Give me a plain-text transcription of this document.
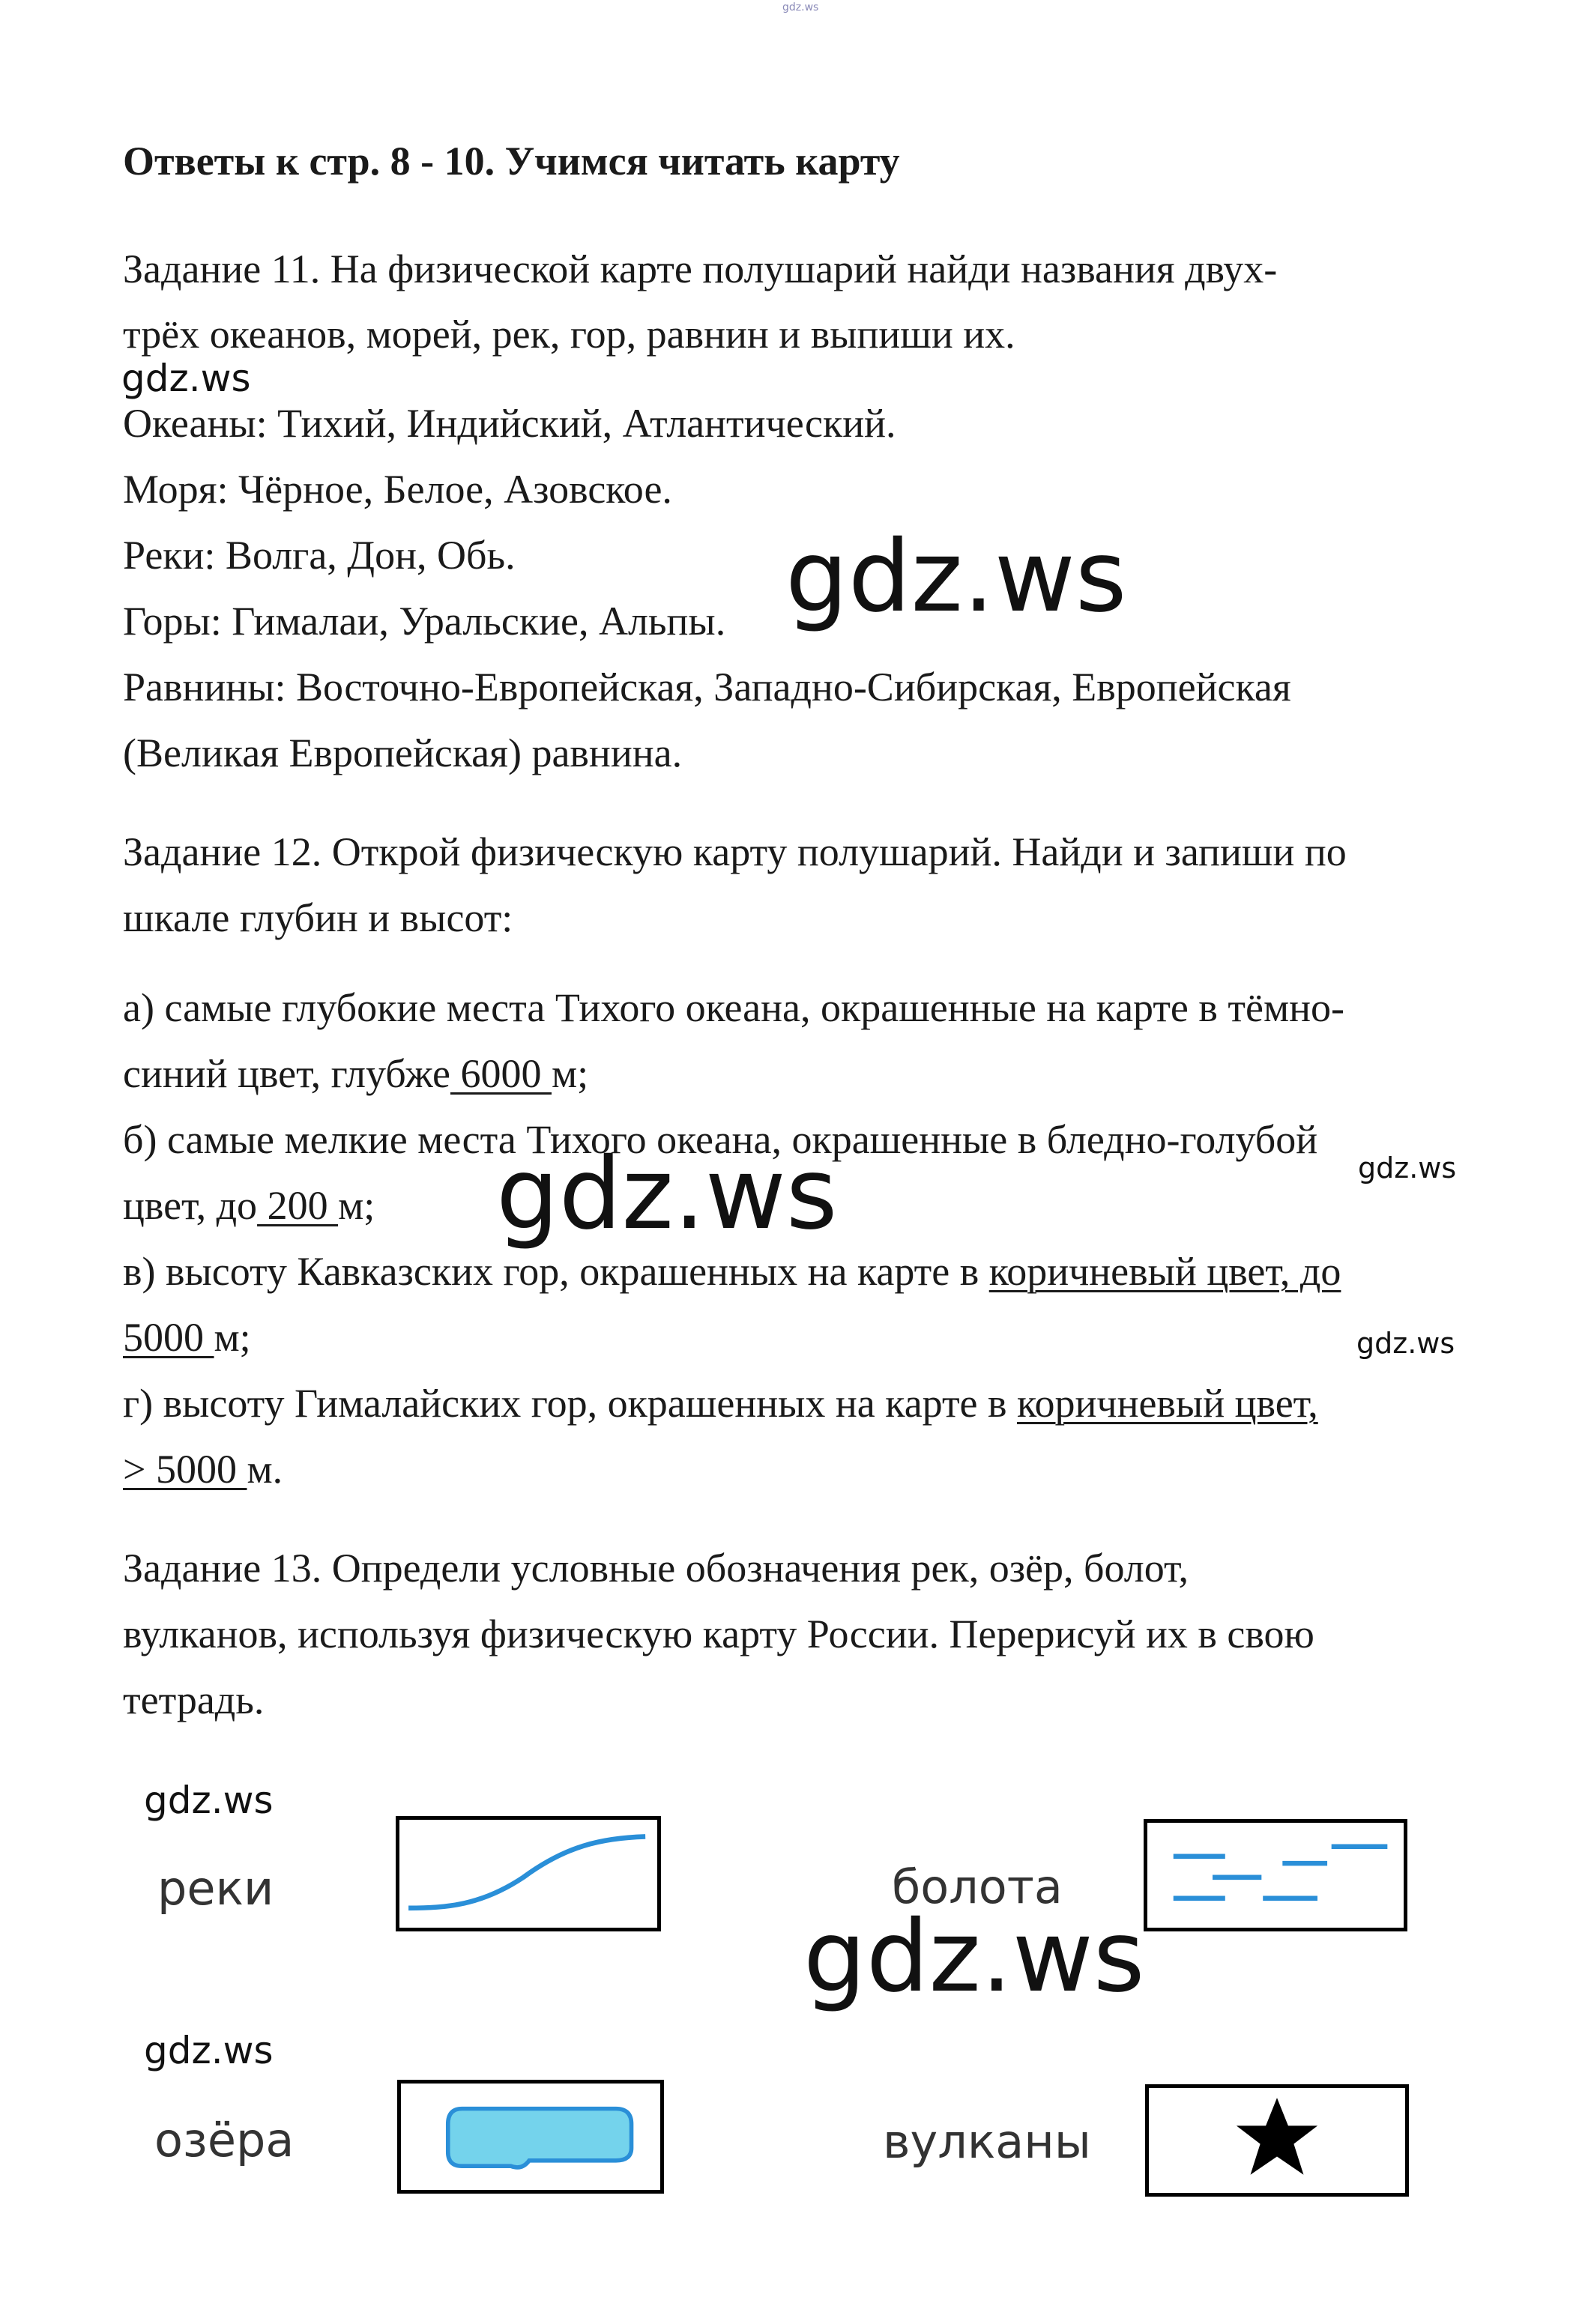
gdz.ws
Ответы к стр. 8 - 10. Учимся читать карту
Задание 11. На физической карте полушарий найди названия двух-
трёх океанов, морей, рек, гор, равнин и выпиши их.
gdz.ws
Океаны: Тихий, Индийский, Атлантический.
Моря: Чёрное, Белое, Азовское.
Реки: Волга, Дон, Обь.
Горы: Гималаи, Уральские, Альпы. gdz.ws
Равнины: Восточно-Европейская, Западно-Сибирская, Европейская
(Великая Европейская) равнина.
Задание 12. Открой физическую карту полушарий. Найди и запиши по
шкале глубин и высот:
а) самые глубокие места Тихого океана, окрашенные на карте в тёмно-
синий цвет, глубже 6000 м;
б) самые мелкие места Тихого океана, окрашенные в бледно-голубой
gdz.ws
цвет, до 200 м; gdz.ws
в) высоту Кавказских гор, окрашенных на карте в коричневый цвет, до
5000 м;	gdz.ws
г) высоту Гималайских гор, окрашенных на карте в коричневый цвет,
> 5000 м.
Задание 13. Определи условные обозначения рек, озёр, болот,
вулканов, используя физическую карту России. Перерисуй их в свою
тетрадь.
gdz.ws
реки	болота
gdz.ws
gdz.ws
озёра	вулканы
